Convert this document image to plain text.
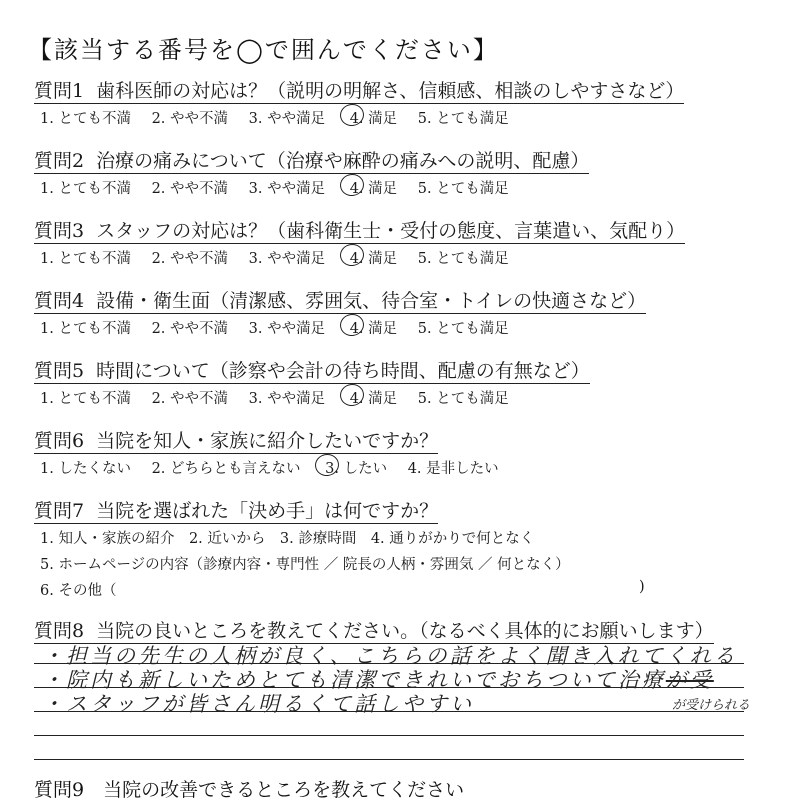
【該当する番号を◯で囲んでください】
質問1 歯科医師の対応は？（説明の明解さ、信頼感、相談のしやすさなど）
1. とても不満 2. やや不満 3. やや満足 4. 満足 5. とても満足
質問2 治療の痛みについて（治療や麻酔の痛みへの説明、配慮）
1. とても不満 2. やや不満 3. やや満足 4. 満足 5. とても満足
質問3 スタッフの対応は？（歯科衛生士・受付の態度、言葉遣い、気配り）
1. とても不満 2. やや不満 3. やや満足 4. 満足 5. とても満足
質問4 設備・衛生面（清潔感、雰囲気、待合室・トイレの快適さなど）
1. とても不満 2. やや不満 3. やや満足 4. 満足 5. とても満足
質問5 時間について（診察や会計の待ち時間、配慮の有無など）
1. とても不満 2. やや不満 3. やや満足 4. 満足 5. とても満足
質問6 当院を知人・家族に紹介したいですか？
1. したくない 2. どちらとも言えない 3. したい 4. 是非したい
質問7 当院を選ばれた「決め手」は何ですか？
1. 知人・家族の紹介　2. 近いから　3. 診療時間　4. 通りがかりで何となく
5. ホームページの内容（診療内容・専門性 ／ 院長の人柄・雰囲気 ／ 何となく）
6. その他（	)
質問8 当院の良いところを教えてください。（なるべく具体的にお願いします）
・担当の先生の人柄が良く、こちらの話をよく聞き入れてくれる
・院内も新しいためとても清潔できれいでおちついて治療が受
・スタッフが皆さん明るくて話しやすい	が受けられる
質問9　当院の改善できるところを教えてください
